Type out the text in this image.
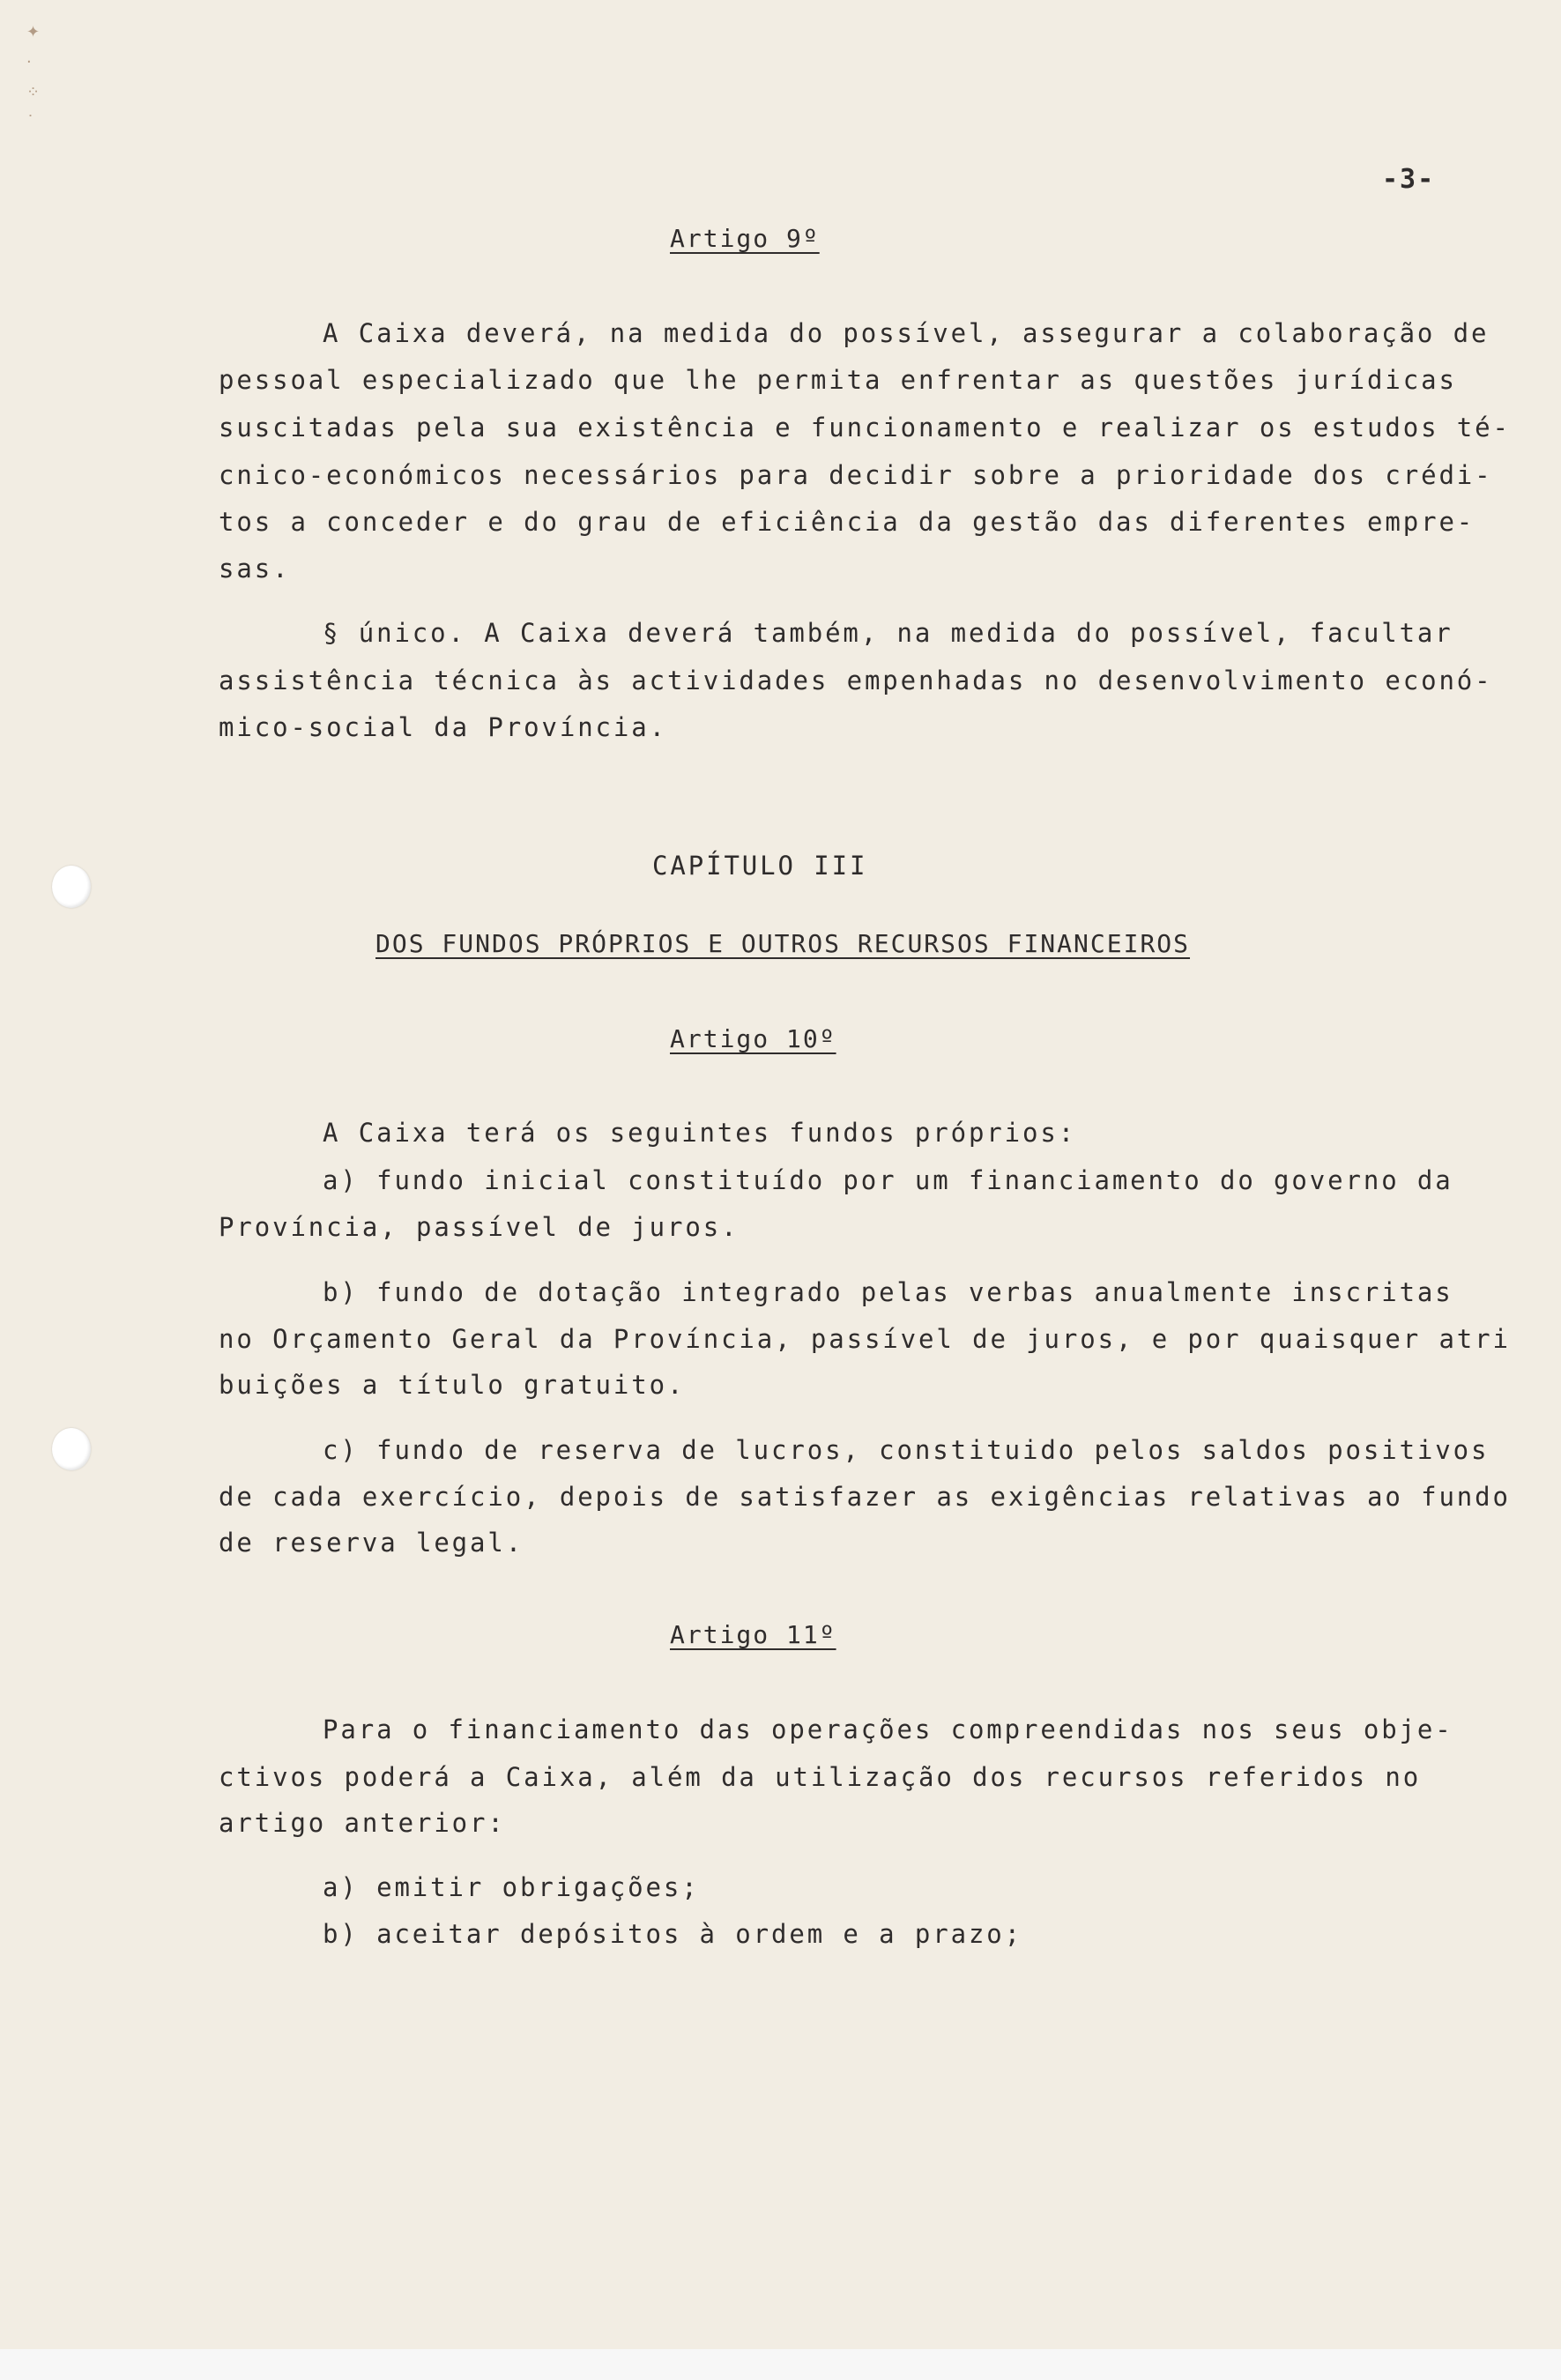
✦
·
⁘
˙
-3-
Artigo 9º
A Caixa deverá, na medida do possível, assegurar a colaboração de
pessoal especializado que lhe permita enfrentar as questões jurídicas
suscitadas pela sua existência e funcionamento e realizar os estudos té-
cnico-económicos necessários para decidir sobre a prioridade dos crédi-
tos a conceder e do grau de eficiência da gestão das diferentes empre-
sas.
§ único. A Caixa deverá também, na medida do possível, facultar
assistência técnica às actividades empenhadas no desenvolvimento econó-
mico-social da Província.
CAPÍTULO III
DOS FUNDOS PRÓPRIOS E OUTROS RECURSOS FINANCEIROS
Artigo 10º
A Caixa terá os seguintes fundos próprios:
a) fundo inicial constituído por um financiamento do governo da
Província, passível de juros.
b) fundo de dotação integrado pelas verbas anualmente inscritas
no Orçamento Geral da Província, passível de juros, e por quaisquer atri
buições a título gratuito.
c) fundo de reserva de lucros, constituido pelos saldos positivos
de cada exercício, depois de satisfazer as exigências relativas ao fundo
de reserva legal.
Artigo 11º
Para o financiamento das operações compreendidas nos seus obje-
ctivos poderá a Caixa, além da utilização dos recursos referidos no
artigo anterior:
a) emitir obrigações;
b) aceitar depósitos à ordem e a prazo;
